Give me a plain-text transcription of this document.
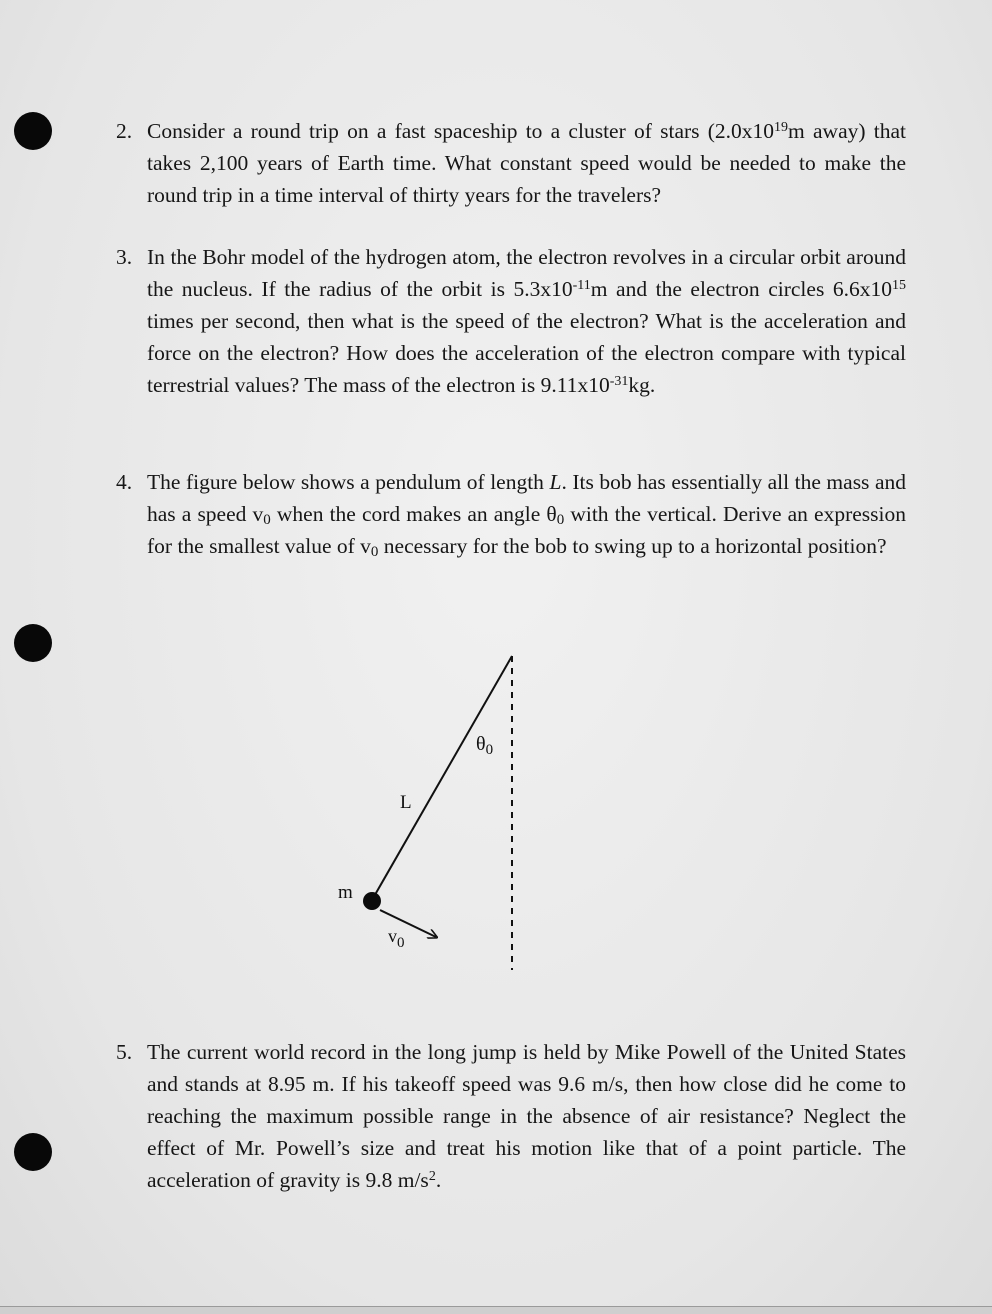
2. Consider a round trip on a fast spaceship to a cluster of stars ($2.0x10^{19}m$ away) that takes 2,100 years of Earth time. What constant speed would be needed to make the round trip in a time interval of thirty years for the travelers?
3. In the Bohr model of the hydrogen atom, the electron revolves in a circular orbit around the nucleus. If the radius of the orbit is $5.3x10^{-11}m$ and the electron circles $6.6x10^{15}$ times per second, then what is the speed of the electron? What is the acceleration and force on the electron? How does the acceleration of the electron compare with typical terrestrial values? The mass of the electron is $9.11x10^{-31}kg$.
4. The figure below shows a pendulum of length L. Its bob has essentially all the mass and has a speed $v_0$ when the cord makes an angle $\theta_0$ with the vertical. Derive an expression for the smallest value of $v_0$ necessary for the bob to swing up to a horizontal position?
$\theta_0$
L
m
$v_0$
5. The current world record in the long jump is held by Mike Powell of the United States and stands at 8.95 m. If his takeoff speed was 9.6 m/s, then how close did he come to reaching the maximum possible range in the absence of air resistance? Neglect the effect of Mr. Powell’s size and treat his motion like that of a point particle. The acceleration of gravity is 9.8 $m/s^2$.
